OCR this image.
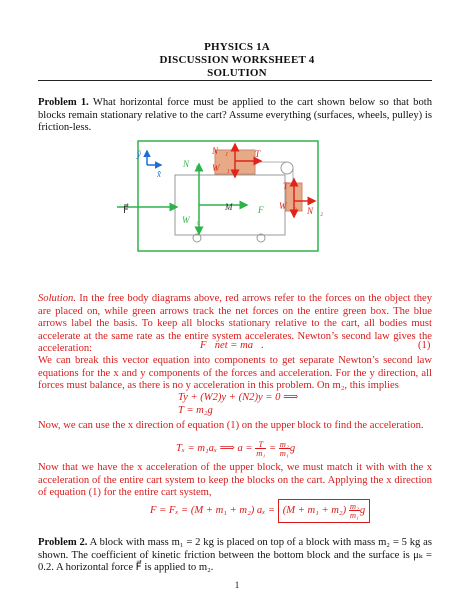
PHYSICS 1A
DISCUSSION WORKSHEET 4
SOLUTION
Problem 1. What horizontal force must be applied to the cart shown below so that both blocks remain stationary relative to the cart? Assume everything (surfaces, wheels, pulley) is friction-less.
ŷ
x̂
F⃗
N⃗₀
W⃗₀
M	F⃗
N⃗₁
W⃗₁
T⃗
T⃗
W⃗₂ N⃗₂
Solution. In the free body diagrams above, red arrows refer to the forces on the object they are placed on, while green arrows track the net forces on the entire green box. The blue arrows label the basis. To keep all blocks stationary relative to the cart, all bodies must accelerate at the same rate as the entire system accelerates. Newton’s second law gives the acceleration:	F⃗net = ma⃗.	(1)
We can break this vector equation into components to get separate Newton’s second law equations for the x and y components of the forces and acceleration. For the y direction, all forces must balance, as there is no y acceleration in this problem. On m₂, this implies
Ty + (W2)y + (N2)y = 0 ⟹
T = m₂g
Now, we can use the x direction of equation (1) on the upper block to find the acceleration.
Tₓ = m₁aₓ ⟹ $a = \frac{T}{\text{m₁}} = \frac{\text{m₂}}{\text{m₁}}$ g
Now that we have the x acceleration of the upper block, we must match it with with the x acceleration of the entire cart system to keep the blocks on the cart. Applying the x direction of equation (1) for the entire cart system,
F = Fₓ = (M + m₁ + m₂) $a_x = (M + m_1 + m_2) \frac{\text{m₂}}{\text{m₁}}$ g
Problem 2. A block with mass m₁ = 2 kg is placed on top of a block with mass m₂ = 5 kg as shown. The coefficient of kinetic friction between the bottom block and the surface is μₖ = 0.2. A horizontal force F⃗ is applied to m₂.
1
